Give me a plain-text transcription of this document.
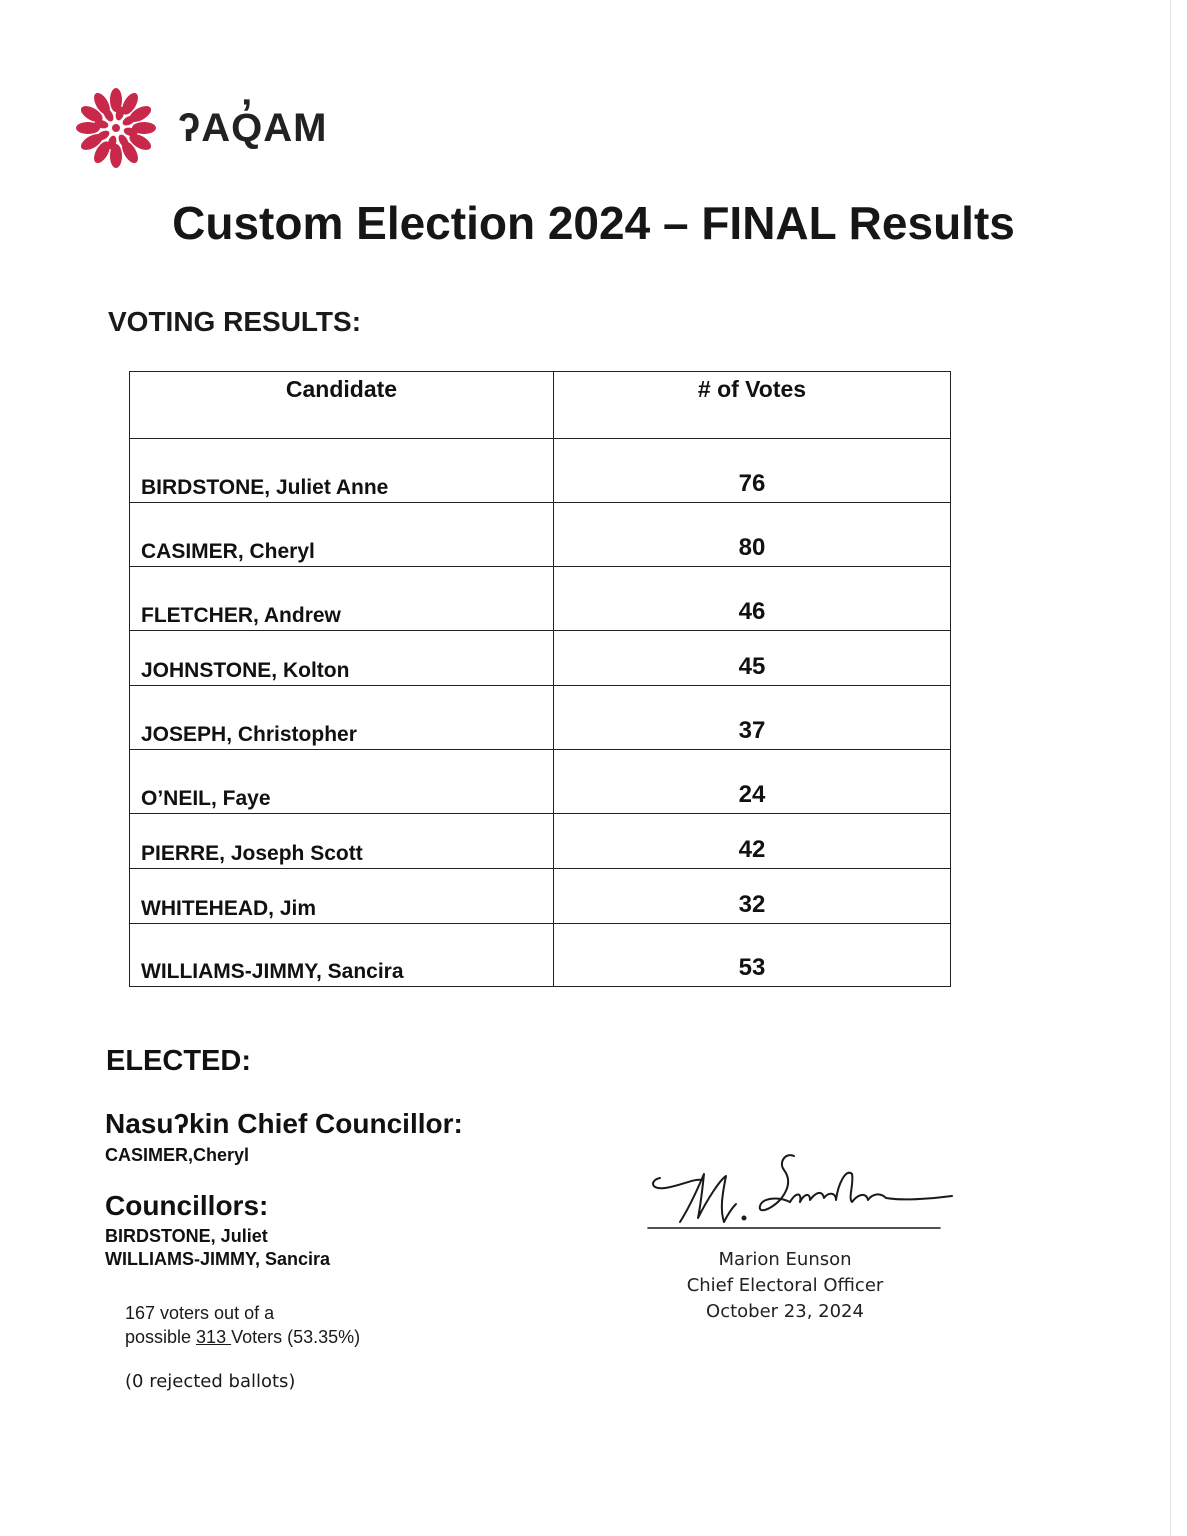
ʔAQ̓AM
Custom Election 2024 – FINAL Results
VOTING RESULTS:
Candidate	# of Votes
BIRDSTONE, Juliet Anne	76
CASIMER, Cheryl	80
FLETCHER, Andrew	46
JOHNSTONE, Kolton	45
JOSEPH, Christopher	37
O’NEIL, Faye	24
PIERRE, Joseph Scott	42
WHITEHEAD, Jim	32
WILLIAMS-JIMMY, Sancira	53
ELECTED:
Nasuʔkin Chief Councillor:
CASIMER,Cheryl
Councillors:
BIRDSTONE, Juliet
WILLIAMS-JIMMY, Sancira
167 voters out of a
possible 313 Voters (53.35%)
(0 rejected ballots)
Marion Eunson
Chief Electoral Officer
October 23, 2024
